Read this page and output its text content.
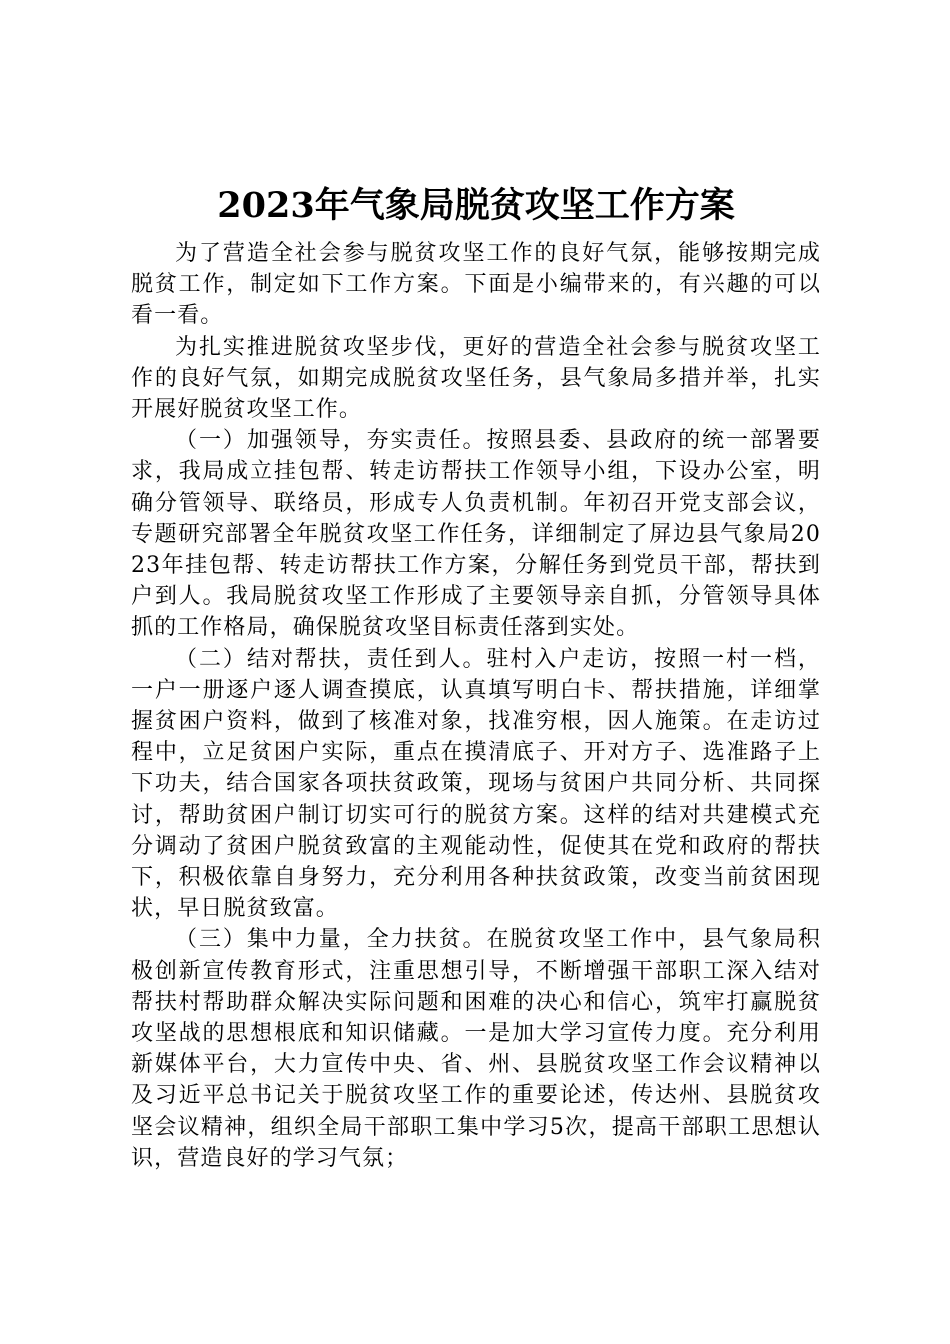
2023年气象局脱贫攻坚工作方案

为了营造全社会参与脱贫攻坚工作的良好气氛，能够按期完成脱贫工作，制定如下工作方案。下面是小编带来的，有兴趣的可以看一看。

为扎实推进脱贫攻坚步伐，更好的营造全社会参与脱贫攻坚工作的良好气氛，如期完成脱贫攻坚任务，县气象局多措并举，扎实开展好脱贫攻坚工作。

（一）加强领导，夯实责任。按照县委、县政府的统一部署要求，我局成立挂包帮、转走访帮扶工作领导小组，下设办公室，明确分管领导、联络员，形成专人负责机制。年初召开党支部会议，专题研究部署全年脱贫攻坚工作任务，详细制定了屏边县气象局2023年挂包帮、转走访帮扶工作方案，分解任务到党员干部，帮扶到户到人。我局脱贫攻坚工作形成了主要领导亲自抓，分管领导具体抓的工作格局，确保脱贫攻坚目标责任落到实处。

（二）结对帮扶，责任到人。驻村入户走访，按照一村一档，一户一册逐户逐人调查摸底，认真填写明白卡、帮扶措施，详细掌握贫困户资料，做到了核准对象，找准穷根，因人施策。在走访过程中，立足贫困户实际，重点在摸清底子、开对方子、选准路子上下功夫，结合国家各项扶贫政策，现场与贫困户共同分析、共同探讨，帮助贫困户制订切实可行的脱贫方案。这样的结对共建模式充分调动了贫困户脱贫致富的主观能动性，促使其在党和政府的帮扶下，积极依靠自身努力，充分利用各种扶贫政策，改变当前贫困现状，早日脱贫致富。

（三）集中力量，全力扶贫。在脱贫攻坚工作中，县气象局积极创新宣传教育形式，注重思想引导，不断增强干部职工深入结对帮扶村帮助群众解决实际问题和困难的决心和信心，筑牢打赢脱贫攻坚战的思想根底和知识储藏。一是加大学习宣传力度。充分利用新媒体平台，大力宣传中央、省、州、县脱贫攻坚工作会议精神以及习近平总书记关于脱贫攻坚工作的重要论述，传达州、县脱贫攻坚会议精神，组织全局干部职工集中学习5次，提高干部职工思想认识，营造良好的学习气氛；
